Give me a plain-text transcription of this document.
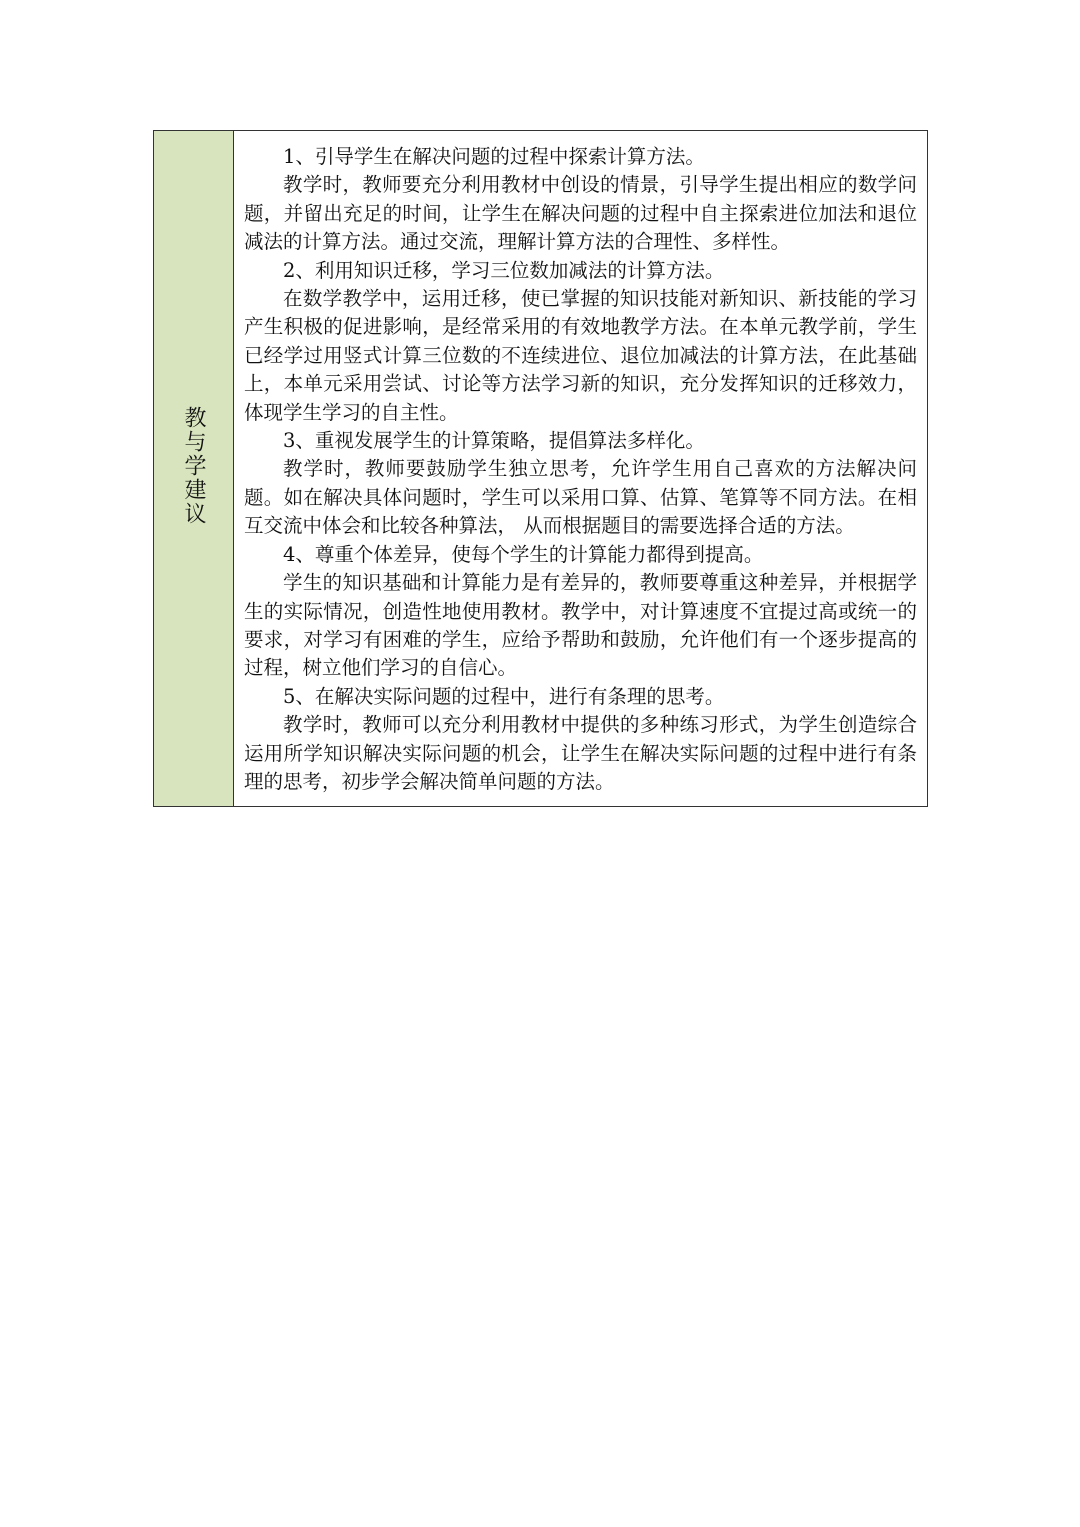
教与学建议	

1、引导学生在解决问题的过程中探索计算方法。

教学时，教师要充分利用教材中创设的情景，引导学生提出相应的数学问题，并留出充足的时间，让学生在解决问题的过程中自主探索进位加法和退位减法的计算方法。通过交流，理解计算方法的合理性、多样性。

2、利用知识迁移，学习三位数加减法的计算方法。

在数学教学中，运用迁移，使已掌握的知识技能对新知识、新技能的学习产生积极的促进影响，是经常采用的有效地教学方法。在本单元教学前，学生已经学过用竖式计算三位数的不连续进位、退位加减法的计算方法，在此基础上，本单元采用尝试、讨论等方法学习新的知识，充分发挥知识的迁移效力，体现学生学习的自主性。

3、重视发展学生的计算策略，提倡算法多样化。

教学时，教师要鼓励学生独立思考，允许学生用自己喜欢的方法解决问题。如在解决具体问题时，学生可以采用口算、估算、笔算等不同方法。在相互交流中体会和比较各种算法， 从而根据题目的需要选择合适的方法。

4、尊重个体差异，使每个学生的计算能力都得到提高。

学生的知识基础和计算能力是有差异的，教师要尊重这种差异，并根据学生的实际情况，创造性地使用教材。教学中，对计算速度不宜提过高或统一的要求，对学习有困难的学生，应给予帮助和鼓励，允许他们有一个逐步提高的过程，树立他们学习的自信心。

5、在解决实际问题的过程中，进行有条理的思考。

教学时，教师可以充分利用教材中提供的多种练习形式，为学生创造综合运用所学知识解决实际问题的机会，让学生在解决实际问题的过程中进行有条理的思考，初步学会解决简单问题的方法。
